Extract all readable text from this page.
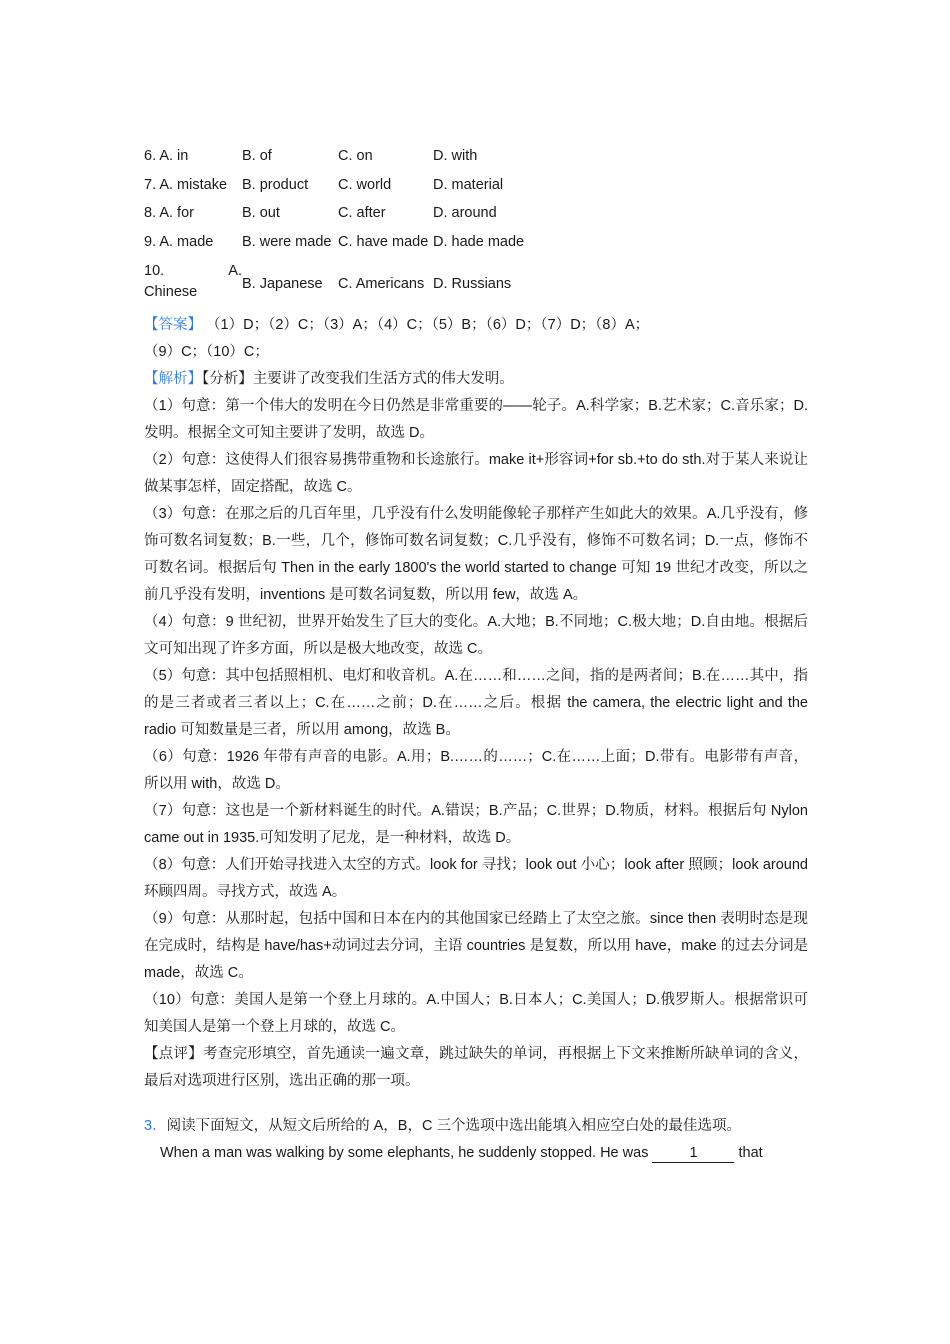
6. A. in	B. of	C. on	D. with
7. A. mistake	B. product	C. world	D. material
8. A. for	B. out	C. after	D. around
9. A. made	B. were made	C. have made	D. hade made

10. A.
Chinese	B. Japanese	C. Americans	D. Russians

【答案】 （1）D；（2）C；（3）A；（4）C；（5）B；（6）D；（7）D；（8）A；
（9）C；（10）C；

【解析】【分析】主要讲了改变我们生活方式的伟大发明。

（1）句意：第一个伟大的发明在今日仍然是非常重要的——轮子。A.科学家；B.艺术家；C.音乐家；D.发明。根据全文可知主要讲了发明，故选 D。

（2）句意：这使得人们很容易携带重物和长途旅行。make it+形容词+for sb.+to do sth.对于某人来说让做某事怎样，固定搭配，故选 C。

（3）句意：在那之后的几百年里，几乎没有什么发明能像轮子那样产生如此大的效果。A.几乎没有，修饰可数名词复数；B.一些，几个，修饰可数名词复数；C.几乎没有，修饰不可数名词；D.一点，修饰不可数名词。根据后句 Then in the early 1800's the world started to change 可知 19 世纪才改变，所以之前几乎没有发明，inventions 是可数名词复数，所以用 few，故选 A。

（4）句意：9 世纪初，世界开始发生了巨大的变化。A.大地；B.不同地；C.极大地；D.自由地。根据后文可知出现了许多方面，所以是极大地改变，故选 C。

（5）句意：其中包括照相机、电灯和收音机。A.在……和……之间，指的是两者间；B.在……其中，指的是三者或者三者以上；C.在……之前；D.在……之后。根据 the camera, the electric light and the radio 可知数量是三者，所以用 among，故选 B。

（6）句意：1926 年带有声音的电影。A.用；B.……的……；C.在……上面；D.带有。电影带有声音，所以用 with，故选 D。

（7）句意：这也是一个新材料诞生的时代。A.错误；B.产品；C.世界；D.物质，材料。根据后句 Nylon came out in 1935.可知发明了尼龙，是一种材料，故选 D。

（8）句意：人们开始寻找进入太空的方式。look for 寻找；look out 小心；look after 照顾；look around 环顾四周。寻找方式，故选 A。

（9）句意：从那时起，包括中国和日本在内的其他国家已经踏上了太空之旅。since then 表明时态是现在完成时，结构是 have/has+动词过去分词，主语 countries 是复数，所以用 have，make 的过去分词是 made，故选 C。

（10）句意：美国人是第一个登上月球的。A.中国人；B.日本人；C.美国人；D.俄罗斯人。根据常识可知美国人是第一个登上月球的，故选 C。

【点评】考查完形填空，首先通读一遍文章，跳过缺失的单词，再根据上下文来推断所缺单词的含义，最后对选项进行区别，选出正确的那一项。

3．阅读下面短文，从短文后所给的 A，B，C 三个选项中选出能填入相应空白处的最佳选项。

When a man was walking by some elephants, he suddenly stopped. He was	1	that
